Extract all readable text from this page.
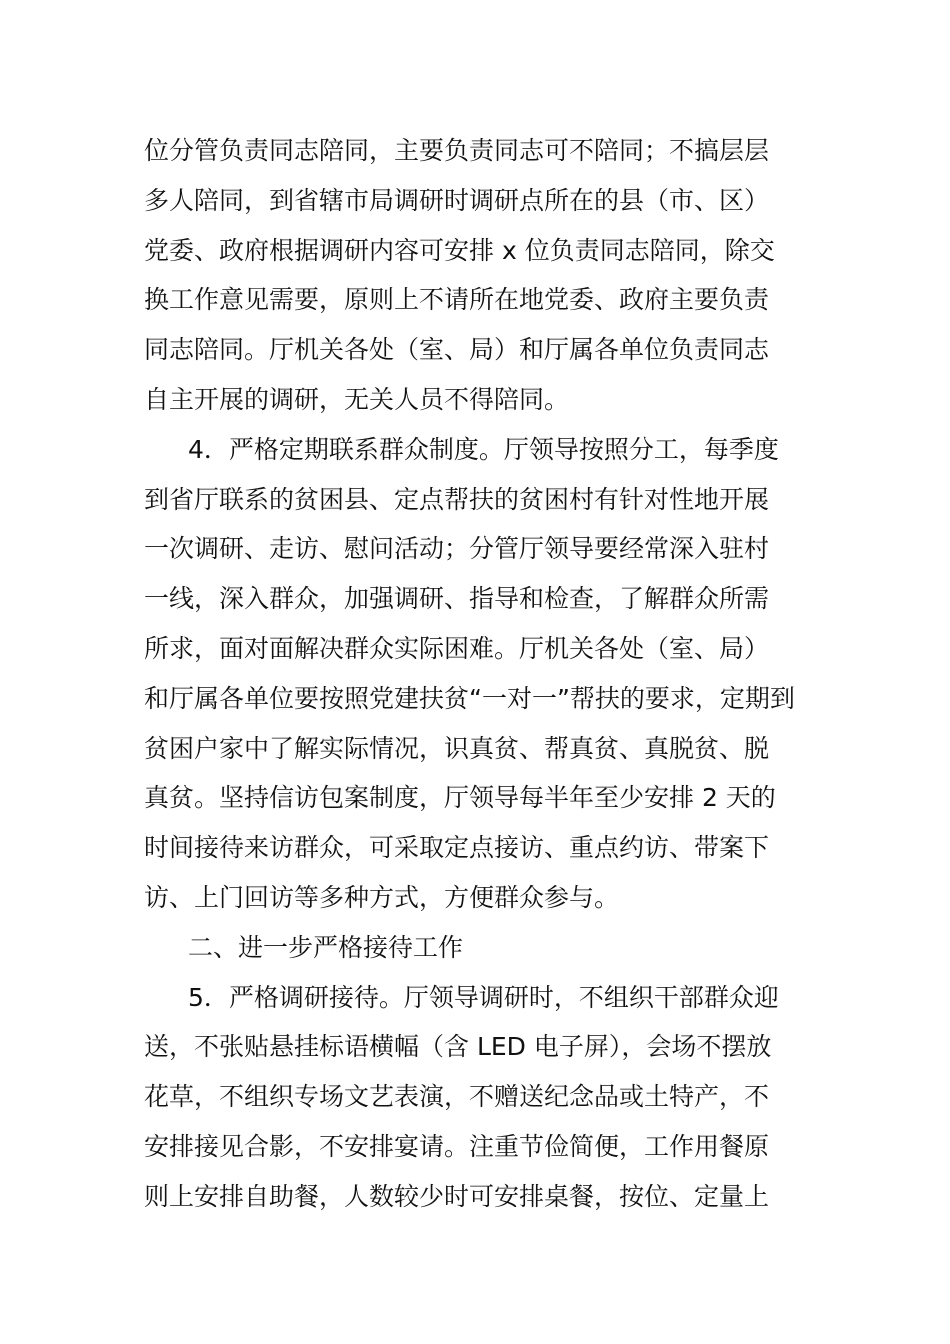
位分管负责同志陪同，主要负责同志可不陪同；不搞层层
多人陪同，到省辖市局调研时调研点所在的县（市、区）
党委、政府根据调研内容可安排 x 位负责同志陪同，除交
换工作意见需要，原则上不请所在地党委、政府主要负责
同志陪同。厅机关各处（室、局）和厅属各单位负责同志
自主开展的调研，无关人员不得陪同。
4．严格定期联系群众制度。厅领导按照分工，每季度
到省厅联系的贫困县、定点帮扶的贫困村有针对性地开展
一次调研、走访、慰问活动；分管厅领导要经常深入驻村
一线，深入群众，加强调研、指导和检查，了解群众所需
所求，面对面解决群众实际困难。厅机关各处（室、局）
和厅属各单位要按照党建扶贫“一对一”帮扶的要求，定期到
贫困户家中了解实际情况，识真贫、帮真贫、真脱贫、脱
真贫。坚持信访包案制度，厅领导每半年至少安排 2 天的
时间接待来访群众，可采取定点接访、重点约访、带案下
访、上门回访等多种方式，方便群众参与。
二、进一步严格接待工作
5．严格调研接待。厅领导调研时，不组织干部群众迎
送，不张贴悬挂标语横幅（含 LED 电子屏），会场不摆放
花草，不组织专场文艺表演，不赠送纪念品或土特产，不
安排接见合影，不安排宴请。注重节俭简便，工作用餐原
则上安排自助餐，人数较少时可安排桌餐，按位、定量上
